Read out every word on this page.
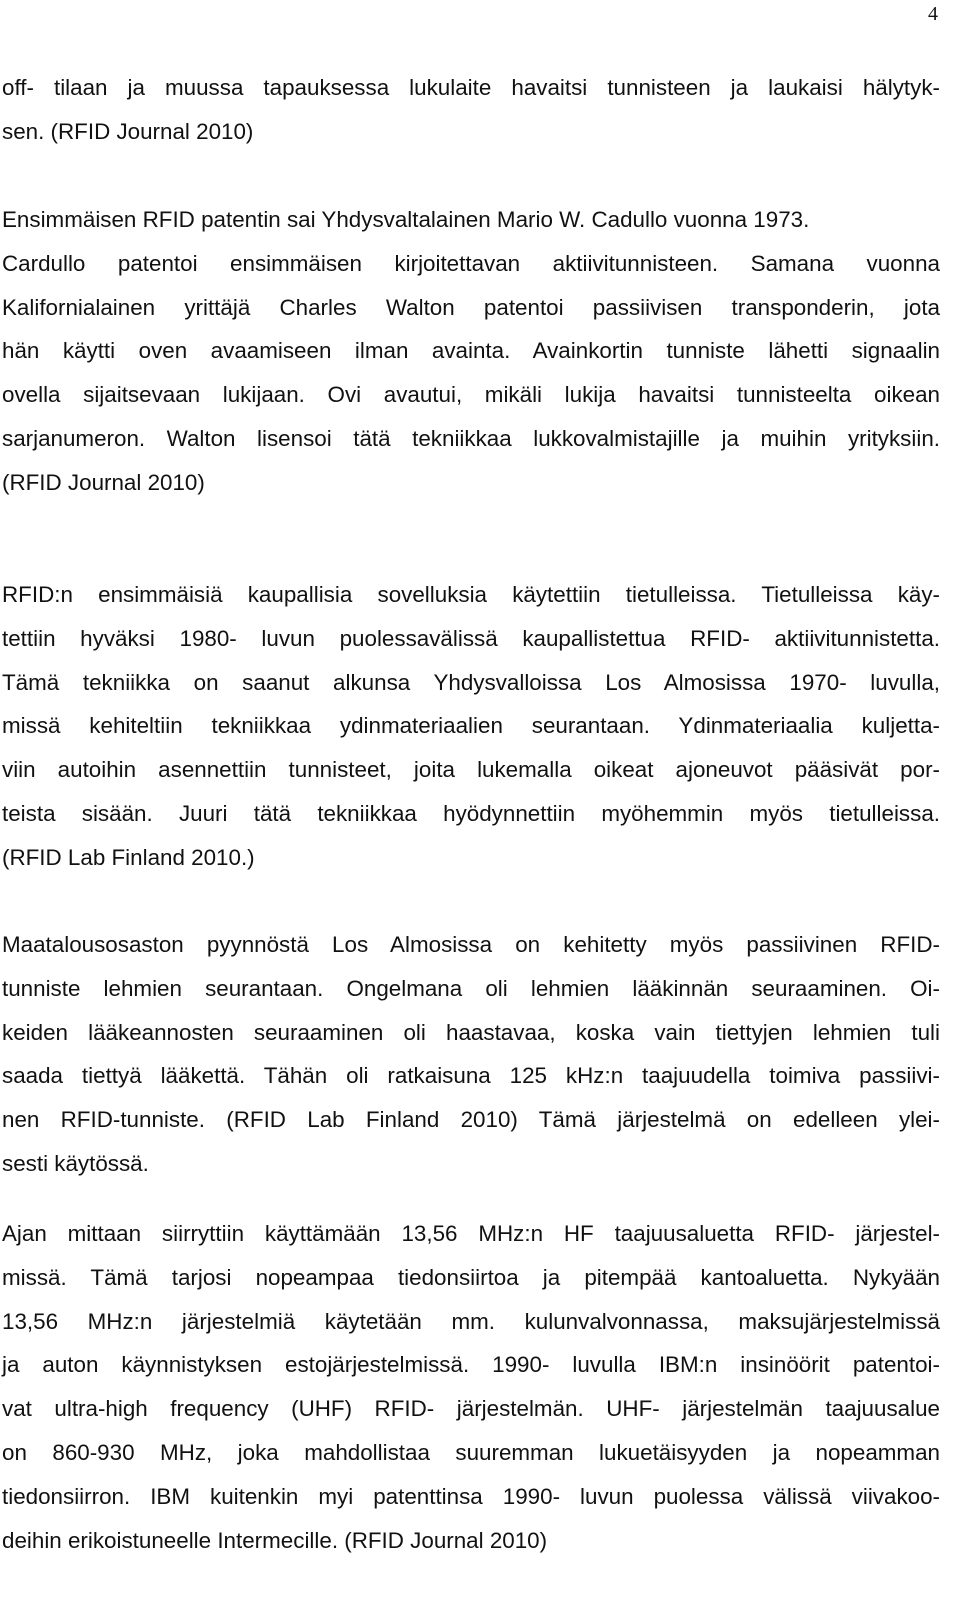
4
off- tilaan ja muussa tapauksessa lukulaite havaitsi tunnisteen ja laukaisi hälytyk-
sen. (RFID Journal 2010)
Ensimmäisen RFID patentin sai Yhdysvaltalainen Mario W. Cadullo vuonna 1973.
Cardullo patentoi ensimmäisen kirjoitettavan aktiivitunnisteen. Samana vuonna
Kalifornialainen yrittäjä Charles Walton patentoi passiivisen transponderin, jota
hän käytti oven avaamiseen ilman avainta. Avainkortin tunniste lähetti signaalin
ovella sijaitsevaan lukijaan. Ovi avautui, mikäli lukija havaitsi tunnisteelta oikean
sarjanumeron. Walton lisensoi tätä tekniikkaa lukkovalmistajille ja muihin yrityksiin.
(RFID Journal 2010)
RFID:n ensimmäisiä kaupallisia sovelluksia käytettiin tietulleissa. Tietulleissa käy-
tettiin hyväksi 1980- luvun puolessavälissä kaupallistettua RFID- aktiivitunnistetta.
Tämä tekniikka on saanut alkunsa Yhdysvalloissa Los Almosissa 1970- luvulla,
missä kehiteltiin tekniikkaa ydinmateriaalien seurantaan. Ydinmateriaalia kuljetta-
viin autoihin asennettiin tunnisteet, joita lukemalla oikeat ajoneuvot pääsivät por-
teista sisään. Juuri tätä tekniikkaa hyödynnettiin myöhemmin myös tietulleissa.
(RFID Lab Finland 2010.)
Maatalousosaston pyynnöstä Los Almosissa on kehitetty myös passiivinen RFID-
tunniste lehmien seurantaan. Ongelmana oli lehmien lääkinnän seuraaminen. Oi-
keiden lääkeannosten seuraaminen oli haastavaa, koska vain tiettyjen lehmien tuli
saada tiettyä lääkettä. Tähän oli ratkaisuna 125 kHz:n taajuudella toimiva passiivi-
nen RFID-tunniste. (RFID Lab Finland 2010) Tämä järjestelmä on edelleen ylei-
sesti käytössä.
Ajan mittaan siirryttiin käyttämään 13,56 MHz:n HF taajuusaluetta RFID- järjestel-
missä. Tämä tarjosi nopeampaa tiedonsiirtoa ja pitempää kantoaluetta. Nykyään
13,56 MHz:n järjestelmiä käytetään mm. kulunvalvonnassa, maksujärjestelmissä
ja auton käynnistyksen estojärjestelmissä. 1990- luvulla IBM:n insinöörit patentoi-
vat ultra-high frequency (UHF) RFID- järjestelmän. UHF- järjestelmän taajuusalue
on 860-930 MHz, joka mahdollistaa suuremman lukuetäisyyden ja nopeamman
tiedonsiirron. IBM kuitenkin myi patenttinsa 1990- luvun puolessa välissä viivakoo-
deihin erikoistuneelle Intermecille. (RFID Journal 2010)
